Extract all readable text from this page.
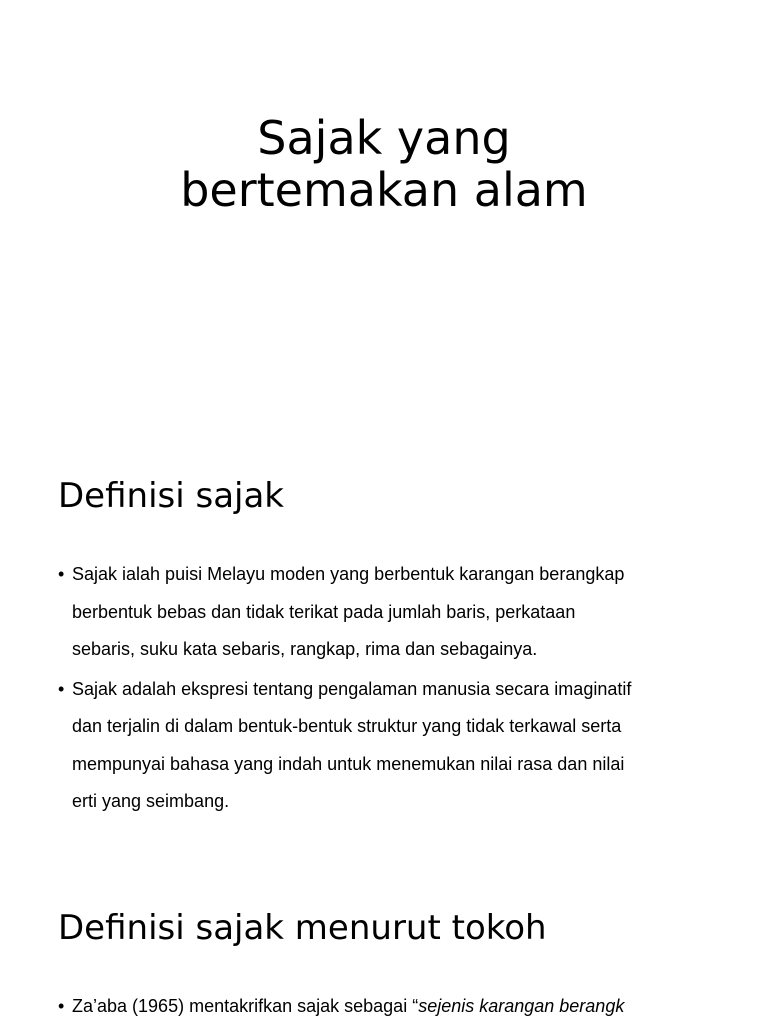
Sajak yang
bertemakan alam
Definisi sajak
• Sajak ialah puisi Melayu moden yang berbentuk karangan berangkap
berbentuk bebas dan tidak terikat pada jumlah baris, perkataan
sebaris, suku kata sebaris, rangkap, rima dan sebagainya.
• Sajak adalah ekspresi tentang pengalaman manusia secara imaginatif
dan terjalin di dalam bentuk-bentuk struktur yang tidak terkawal serta
mempunyai bahasa yang indah untuk menemukan nilai rasa dan nilai
erti yang seimbang.
Definisi sajak menurut tokoh
• Za’aba (1965) mentakrifkan sajak sebagai “sejenis karangan berangk
